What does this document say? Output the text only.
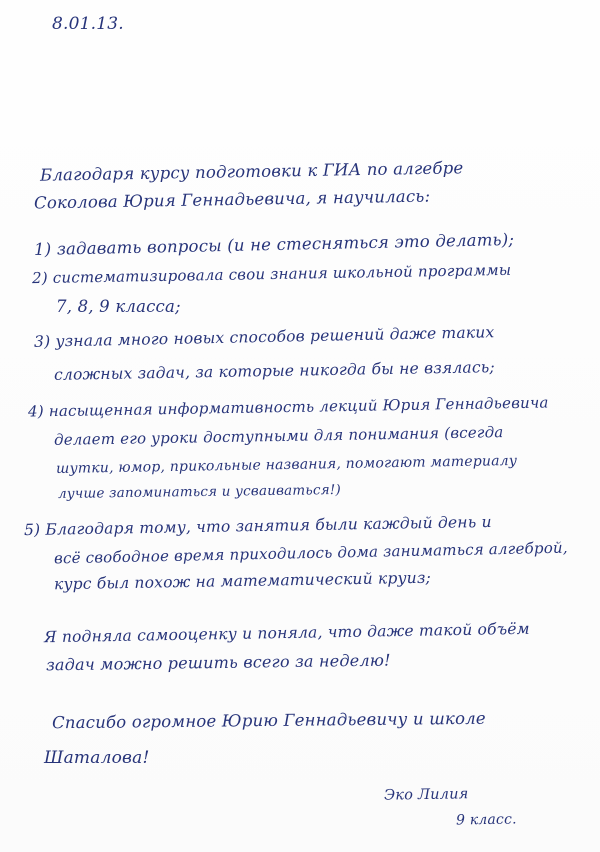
8.01.13.
Благодаря курсу подготовки к ГИА по алгебре
Соколова Юрия Геннадьевича, я научилась:
1) задавать вопросы (и не стесняться это делать);
2) систематизировала свои знания школьной программы
7, 8, 9 класса;
3) узнала много новых способов решений даже таких
сложных задач, за которые никогда бы не взялась;
4) насыщенная информативность лекций Юрия Геннадьевича
делает его уроки доступными для понимания (всегда
шутки, юмор, прикольные названия, помогают материалу
лучше запоминаться и усваиваться!)
5) Благодаря тому, что занятия были каждый день и
всё свободное время приходилось дома заниматься алгеброй,
курс был похож на математический круиз;
Я подняла самооценку и поняла, что даже такой объём
задач можно решить всего за неделю!
Спасибо огромное Юрию Геннадьевичу и школе
Шаталова!
Эко Лилия
9 класс.
